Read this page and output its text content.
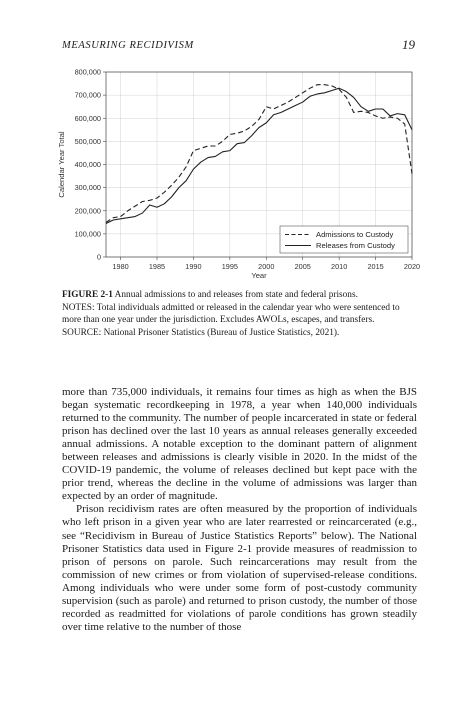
MEASURING RECIDIVISM	19
0
100,000
200,000
300,000
400,000
500,000
600,000
700,000
800,000
1980	1985	1990	1995	2000	2005	2010	2015	2020
Calendar Year Total
Year
Admissions to Custody
Releases from Custody

FIGURE 2-1 Annual admissions to and releases from state and federal prisons.

NOTES: Total individuals admitted or released in the calendar year who were sentenced to more than one year under the jurisdiction. Excludes AWOLs, escapes, and transfers.

SOURCE: National Prisoner Statistics (Bureau of Justice Statistics, 2021).

more than 735,000 individuals, it remains four times as high as when the BJS began systematic recordkeeping in 1978, a year when 140,000 individuals returned to the community. The number of people incarcerated in state or federal prison has declined over the last 10 years as annual releases generally exceeded annual admissions. A notable exception to the dominant pattern of alignment between releases and admissions is clearly visible in 2020. In the midst of the COVID-19 pandemic, the volume of releases declined but kept pace with the prior trend, whereas the decline in the volume of admissions was larger than expected by an order of magnitude.

Prison recidivism rates are often measured by the proportion of individuals who left prison in a given year who are later rearrested or reincarcerated (e.g., see “Recidivism in Bureau of Justice Statistics Reports” below). The National Prisoner Statistics data used in Figure 2-1 provide measures of readmission to prison of persons on parole. Such reincarcerations may result from the commission of new crimes or from violation of supervised-release conditions. Among individuals who were under some form of post-custody community supervision (such as parole) and returned to prison custody, the number of those recorded as readmitted for violations of parole conditions has grown steadily over time relative to the number of those
